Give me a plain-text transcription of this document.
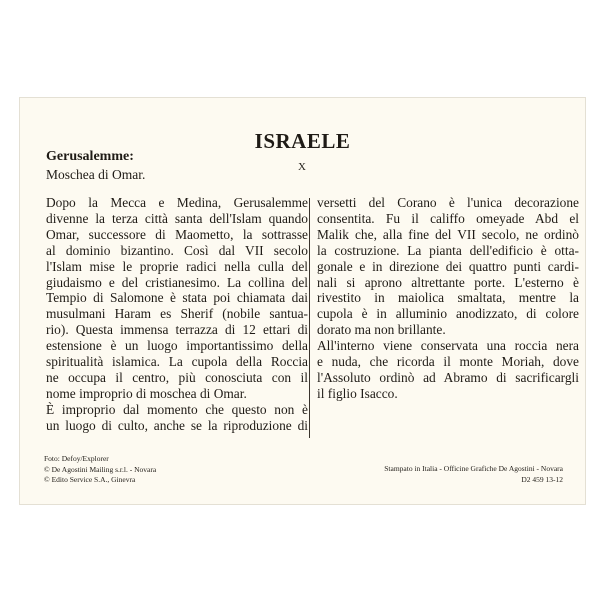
ISRAELE
X
Gerusalemme:
Moschea di Omar.
Dopo la Mecca e Medina, Gerusalemme
divenne la terza città santa dell'Islam quando
Omar, successore di Maometto, la sottrasse
al dominio bizantino. Così dal VII secolo
l'Islam mise le proprie radici nella culla del
giudaismo e del cristianesimo. La collina del
Tempio di Salomone è stata poi chiamata dai
musulmani Haram es Sherif (nobile santua-
rio). Questa immensa terrazza di 12 ettari di
estensione è un luogo importantissimo della
spiritualità islamica. La cupola della Roccia
ne occupa il centro, più conosciuta con il
nome improprio di moschea di Omar.
È improprio dal momento che questo non è
un luogo di culto, anche se la riproduzione di
versetti del Corano è l'unica decorazione
consentita. Fu il califfo omeyade Abd el
Malik che, alla fine del VII secolo, ne ordinò
la costruzione. La pianta dell'edificio è otta-
gonale e in direzione dei quattro punti cardi-
nali si aprono altrettante porte. L'esterno è
rivestito in maiolica smaltata, mentre la
cupola è in alluminio anodizzato, di colore
dorato ma non brillante.
All'interno viene conservata una roccia nera
e nuda, che ricorda il monte Moriah, dove
l'Assoluto ordinò ad Abramo di sacrificargli
il figlio Isacco.
Foto: Defoy/Explorer
© De Agostini Mailing s.r.l. - Novara
© Edito Service S.A., Ginevra
Stampato in Italia - Officine Grafiche De Agostini - Novara
D2 459 13-12
